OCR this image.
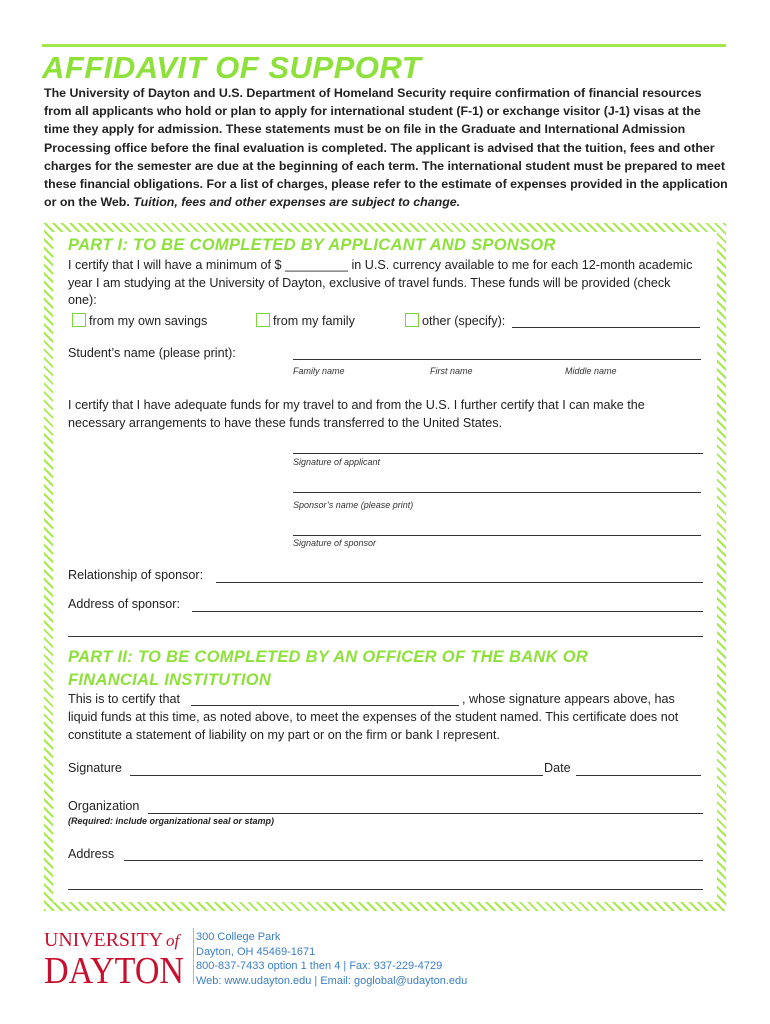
AFFIDAVIT OF SUPPORT

The University of Dayton and U.S. Department of Homeland Security require confirmation of financial resources from all applicants who hold or plan to apply for international student (F-1) or exchange visitor (J-1) visas at the time they apply for admission. These statements must be on file in the Graduate and International Admission Processing office before the final evaluation is completed. The applicant is advised that the tuition, fees and other charges for the semester are due at the beginning of each term. The international student must be prepared to meet these financial obligations. For a list of charges, please refer to the estimate of expenses provided in the application or on the Web. Tuition, fees and other expenses are subject to change.

PART I: TO BE COMPLETED BY APPLICANT AND SPONSOR

I certify that I will have a minimum of $ _________ in U.S. currency available to me for each 12-month academic year I am studying at the University of Dayton, exclusive of travel funds. These funds will be provided (check one):

from my own savings	from my family	other (specify):
Student’s name (please print):
Family name	First name	Middle name

I certify that I have adequate funds for my travel to and from the U.S. I further certify that I can make the necessary arrangements to have these funds transferred to the United States.

Signature of applicant
Sponsor’s name (please print)
Signature of sponsor
Relationship of sponsor:
Address of sponsor:
PART II: TO BE COMPLETED BY AN OFFICER OF THE BANK OR
FINANCIAL INSTITUTION
This is to certify that	, whose signature appears above, has

liquid funds at this time, as noted above, to meet the expenses of the student named. This certificate does not constitute a statement of liability on my part or on the firm or bank I represent.

Signature	Date
Organization
(Required: include organizational seal or stamp)
Address
UNIVERSITY of
DAYTON
300 College Park
Dayton, OH 45469-1671
800-837-7433 option 1 then 4 | Fax: 937-229-4729
Web: www.udayton.edu | Email: goglobal@udayton.edu
